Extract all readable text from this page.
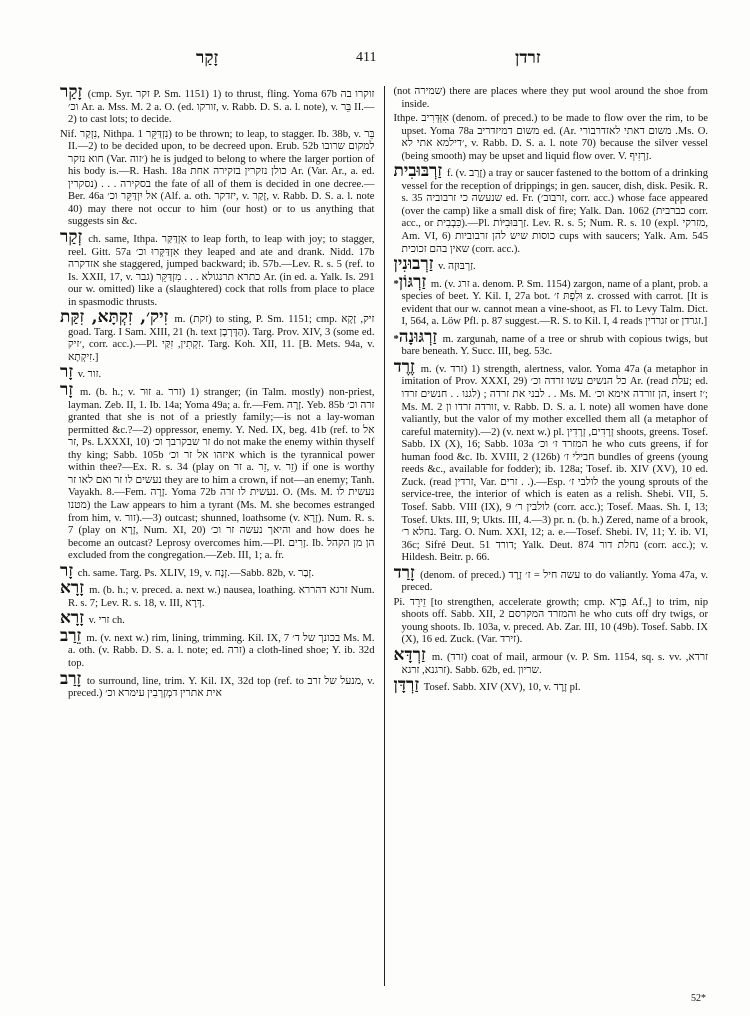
זָקַר	411	זרדן

זָקַר (cmp. Syr. זקר P. Sm. 1151) 1) to thrust, fling. Yoma 67b זוקרו בה וכ׳ Ar. a. Mss. M. 2 a. O. (ed. זורקו, v. Rabb. D. S. a. l. note), v. בֵּר II.—2) to cast lots; to decide.

Nif. נִזְקַר, Nithpa. נִזְדַּקֵּר 1) to be thrown; to leap, to stagger. Ib. 38b, v. בֵּר II.—2) to be decided upon, to be decreed upon. Erub. 52b למקום שרובו חוא נזקר (Var. ׳זוה) he is judged to belong to where the larger portion of his body is.—R. Hash. 18a כולן נזקרין בזקירה אחת Ar. (Var. Ar., a. ed. נסקרין) . . . בסקירה the fate of all of them is decided in one decree.—Ber. 46a אל יִזְדַּקֵּר וכ׳ (Alf. a. oth. יזדקר, v. זָקַר, v. Rabb. D. S. a. l. note 40) may there not occur to him (our host) or to us anything that suggests sin &c.

זְקַר ch. same, Ithpa. אִזְדַּקַּר to leap forth, to leap with joy; to stagger, reel. Gitt. 57a אִזְדַּקְּרוּ וכ׳ they leaped and ate and drank. Nidd. 17b אזדקרה she staggered, jumped backward; ib. 57b.—Lev. R. s. 5 (ref. to Is. XXII, 17, v. כתרא תרנגולא . . . מִזְדַּקֵּר (גבר Ar. (in ed. a. Yalk. Is. 291 our w. omitted) like a (slaughtered) cock that rolls from place to place in spasmodic thrusts.

זִיק׳, זִקְתָּא, זִקַּת m. (זקת) to sting, P. Sm. 1151; cmp. זיק, זָקָא goad. Targ. I Sam. XIII, 21 (h. text הַדָּרְבָן). Targ. Prov. XIV, 3 (some ed. ׳זיק, corr. acc.).—Pl. זִקְתִין, זִקַּי. Targ. Koh. XII, 11. [B. Mets. 94a, v. זִיקְתָא.]

זָר v. זור.

זָר m. (b. h.; v. זוּר a. זרר) 1) stranger; (in Talm. mostly) non-priest, layman. Zeb. II, 1. Ib. 14a; Yoma 49a; a. fr.—Fem. זָרָה. Yeb. 85b זרה וכ׳ granted that she is not of a priestly family;—is not a lay-woman permitted &c.?—2) oppressor, enemy. Y. Ned. IX, beg. 41b (ref. to אל זר, Ps. LXXXI, 10) זר שבקרבך וכ׳ do not make the enemy within thyself thy king; Sabb. 105b איזהו אל זר וכ׳ which is the tyrannical power within thee?—Ex. R. s. 34 (play on זר a. זֵר, v. זֵר) if one is worthy נעשים לו זר ואם לאו זר they are to him a crown, if not—an enemy; Tanh. Vayakh. 8.—Fem. זָרָה. Yoma 72b נעשית לו זרה. O. (Ms. M. נעשית לו מטנו) the Law appears to him a tyrant (Ms. M. she becomes estranged from him, v. זור).—3) outcast; shunned, loathsome (v. זָרָא). Num. R. s. 7 (play on זָרָא, Num. XI, 20) והיאך נעשה זר וכ׳ and how does he become an outcast? Leprosy overcomes him.—Pl. זָרִים. Ib. הן מן הקהל excluded from the congregation.—Zeb. III, 1; a. fr.

זָר ch. same. Targ. Ps. XLIV, 19, v. זְנָח.—Sabb. 82b, v. זְבַר.

זָרָא m. (b. h.; v. preced. a. next w.) nausea, loathing. זרגא דהררא Num. R. s. 7; Lev. R. s. 18, v. III, דָּרָא.

זָרָא v. זרי ch.

זֵרַב m. (v. next w.) rim, lining, trimming. Kil. IX, 7 בכונך של ד׳ Ms. M. a. oth. (v. Rabb. D. S. a. l. note; ed. זרה) a cloth-lined shoe; Y. ib. 32d top.

זָרַב to surround, line, trim. Y. Kil. IX, 32d top (ref. to מנעל של זרב, v. preced.) אית אתרין דמְזָרְבִין עימרא וכ׳

(not שמירה) there are places where they put wool around the shoe from inside.

Ithpe. אִזְּדְּרִיב (denom. of preced.) to be made to flow over the rim, to be upset. Yoma 78a משום דמיזדריב ed. (Ar. משום דאתי לאזדרבורי .Ms. O. ׳דילמא אתי לא, v. Rabb. D. S. a. l. note 70) because the silver vessel (being smooth) may be upset and liquid flow over. V. זַרְזִיף.

זַרְבּוּבִית f. (v. זָרַב) a tray or saucer fastened to the bottom of a drinking vessel for the reception of drippings; in gen. saucer, dish, disk. Pesik. R. s. 35 שנעשה כי זרבוביה ed. Fr. (זרבוב׳, corr. acc.) whose face appeared (over the camp) like a small disk of fire; Yalk. Dan. 1062 (כברבית corr. acc., or כִּבְבִית).—Pl. זַרְבּוּבִיּוֹת. Lev. R. s. 5; Num. R. s. 10 (expl. מזרקי, Am. VI, 6) כוסות שיש להן זרבוביות cups with saucers; Yalk. Am. 545 שאין בהם זכוכית (corr. acc.).

זַרְבוּנִין v. זַרְבּוּזָה.

*זַרְגּוֹן m. (v. זרג a. denom. P. Sm. 1154) zargon, name of a plant, prob. a species of beet. Y. Kil. I, 27a bot. וּלִפְתּ ז׳ z. crossed with carrot. [It is evident that our w. cannot mean a vine-shoot, as Fl. to Levy Talm. Dict. I, 564, a. Löw Pfl. p. 87 suggest.—R. S. to Kil. I, 4 reads זגרדין or זגרדן.]

*זַרְגּוּנָה m. zargunah, name of a tree or shrub with copious twigs, but bare beneath. Y. Succ. III, beg. 53c.

זֶרֶד m. (v. זרד) 1) strength, alertness, valor. Yoma 47a (a metaphor in imitation of Prov. XXXI, 29) כל הנשים עשו זרדה וכ׳ Ar. (read עלת; ed. לגנו . . חנשים זרדו) ; לבני את זרדה . . Ms. M. הן זורדה אימא וכ׳, insert ׳ז; Ms. M. 2 זורדה זרדו ון, v. Rabb. D. S. a. l. note) all women have done valiantly, but the valor of my mother excelled them all (a metaphor of careful maternity).—2) (v. next w.) pl. זְרָדִים, זְרָדִין shoots, greens. Tosef. Sabb. IX (X), 16; Sabb. 103a המזרד ז׳ וכ׳ he who cuts greens, if for human food &c. Ib. XVIII, 2 (126b) חבילי ז׳ bundles of greens (young reeds &c., available for fodder); ib. 128a; Tosef. ib. XIV (XV), 10 ed. Zuck. (read זרדין, Var. זרים . .).—Esp. לולבי ז׳ the young sprouts of the service-tree, the interior of which is eaten as a relish. Shebi. VII, 5. Tosef. Sabb. VIII (IX), 9 לולבין ר׳ (corr. acc.); Tosef. Maas. Sh. I, 13; Tosef. Ukts. III, 9; Ukts. III, 4.—3) pr. n. (b. h.) Zered, name of a brook, נחלא ר׳. Targ. O. Num. XXI, 12; a. e.—Tosef. Shebi. IV, 11; Y. ib. VI, 36c; Sifré Deut. 51 דורד; Yalk. Deut. 874 נחלת דור (corr. acc.); v. Hildesh. Beitr. p. 66.

זָרַד (denom. of preced.) עשה חיל = ז׳ זֶרֶד to do valiantly. Yoma 47a, v. preced.

Pi. זֵירֵד [to strengthen, accelerate growth; cmp. בָּרָא Af.,] to trim, nip shoots off. Sabb. XII, 2 והמזרד המקרסם he who cuts off dry twigs, or young shoots. Ib. 103a, v. preced. Ab. Zar. III, 10 (49b). Tosef. Sabb. IX (X), 16 ed. Zuck. (Var. זירד).

זַרְדָּא m. (זרד) coat of mail, armour (v. P. Sm. 1154, sq. s. vv. זרדא, זרגנא, זרגא). Sabb. 62b, ed. שריון.

זַרְדָּן Tosef. Sabb. XIV (XV), 10, v. זֶרֶד pl.

52*
